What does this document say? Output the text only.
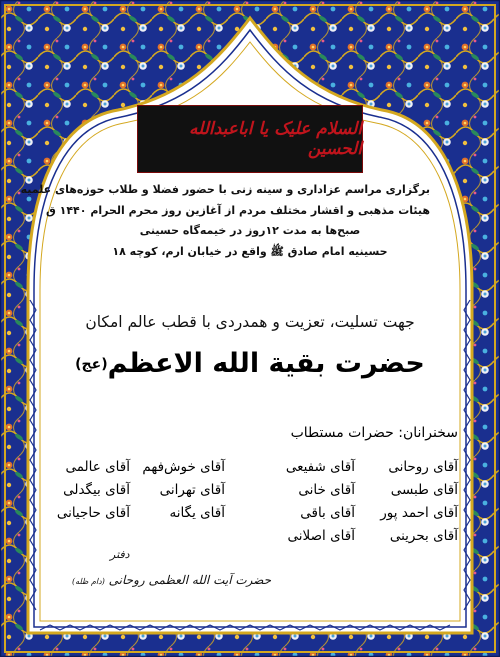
السلام علیک یا اباعبدالله الحسین
برگزاری مراسم عزاداری و سینه زنی با حضور فضلا و طلاب حوزه‌های علمیه
هیئات مذهبی و اقشار مختلف مردم از آغازین روز محرم الحرام ۱۴۴۰ ق
صبح‌ها به مدت ۱۲روز در خیمه‌گاه حسینی
حسینیه امام صادق ﷺ واقع در خیابان ارم، کوچه ۱۸
جهت تسلیت، تعزیت و همدردی با قطب عالم امکان
حضرت بقیة الله الاعظم(عج)
سخنرانان: حضرات مستطاب
آقای روحانی
آقای طبسی
آقای احمد پور
آقای بحرینی
آقای شفیعی
آقای خانی
آقای باقی
آقای اصلانی
آقای خوش‌فهم
آقای تهرانی
آقای یگانه
آقای عالمی
آقای بیگدلی
آقای حاجیانی
دفتر
حضرت آیت الله العظمی روحانی (دام ظله)
